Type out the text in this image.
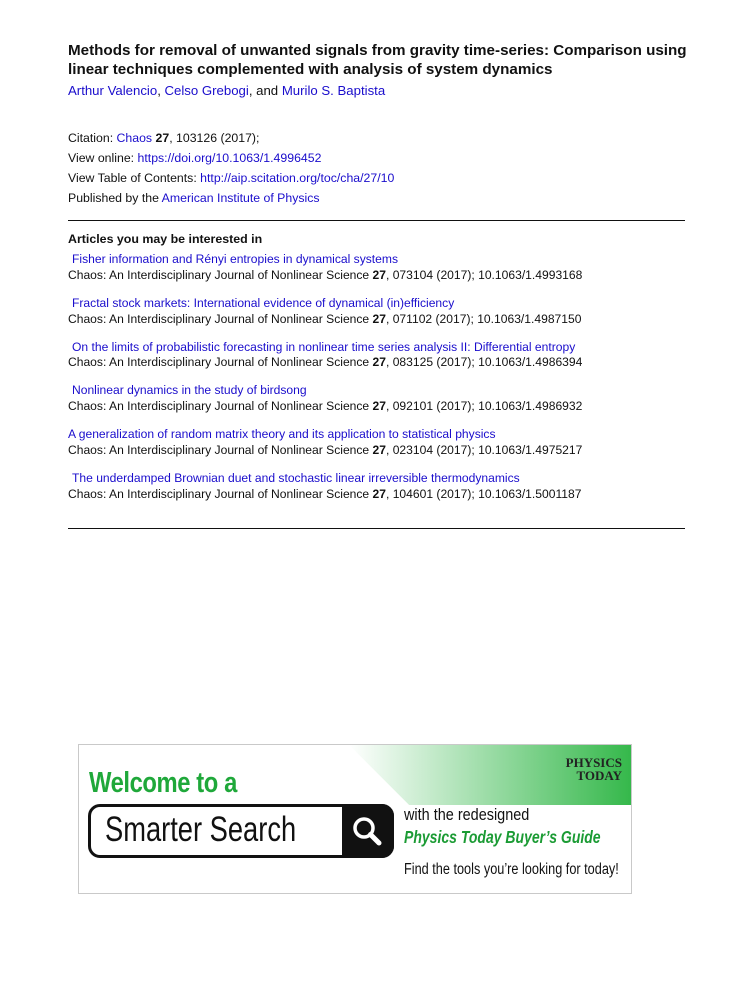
Methods for removal of unwanted signals from gravity time-series: Comparison using
linear techniques complemented with analysis of system dynamics
Arthur Valencio, Celso Grebogi, and Murilo S. Baptista
Citation: Chaos 27, 103126 (2017);
View online: https://doi.org/10.1063/1.4996452
View Table of Contents: http://aip.scitation.org/toc/cha/27/10
Published by the American Institute of Physics
Articles you may be interested in
Fisher information and Rényi entropies in dynamical systems
Chaos: An Interdisciplinary Journal of Nonlinear Science 27, 073104 (2017); 10.1063/1.4993168
Fractal stock markets: International evidence of dynamical (in)efficiency
Chaos: An Interdisciplinary Journal of Nonlinear Science 27, 071102 (2017); 10.1063/1.4987150
On the limits of probabilistic forecasting in nonlinear time series analysis II: Differential entropy
Chaos: An Interdisciplinary Journal of Nonlinear Science 27, 083125 (2017); 10.1063/1.4986394
Nonlinear dynamics in the study of birdsong
Chaos: An Interdisciplinary Journal of Nonlinear Science 27, 092101 (2017); 10.1063/1.4986932
A generalization of random matrix theory and its application to statistical physics
Chaos: An Interdisciplinary Journal of Nonlinear Science 27, 023104 (2017); 10.1063/1.4975217
The underdamped Brownian duet and stochastic linear irreversible thermodynamics
Chaos: An Interdisciplinary Journal of Nonlinear Science 27, 104601 (2017); 10.1063/1.5001187
PHYSICS
TODAY
Welcome to a
Smarter Search	with the redesigned
Physics Today Buyer’s Guide
Find the tools you’re looking for today!
